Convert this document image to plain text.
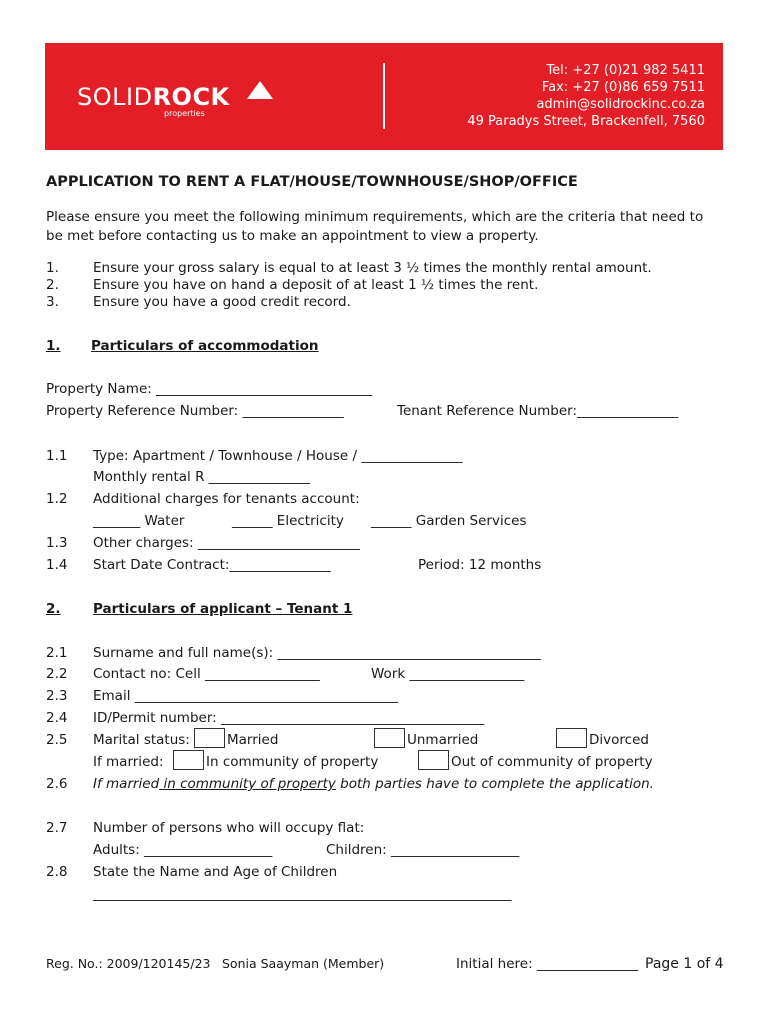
SOLIDROCK
properties
Tel: +27 (0)21 982 5411
Fax: +27 (0)86 659 7511
admin@solidrockinc.co.za
49 Paradys Street, Brackenfell, 7560
APPLICATION TO RENT A FLAT/HOUSE/TOWNHOUSE/SHOP/OFFICE
Please ensure you meet the following minimum requirements, which are the criteria that need to be met before contacting us to make an appointment to view a property.
1.	Ensure your gross salary is equal to at least 3 ½ times the monthly rental amount.
2.	Ensure you have on hand a deposit of at least 1 ½ times the rent.
3.	Ensure you have a good credit record.
1. Particulars of accommodation
Property Name: ________________________________
Property Reference Number: _______________	Tenant Reference Number:_______________
1.1 Type: Apartment / Townhouse / House / _______________
Monthly rental R _______________
1.2 Additional charges for tenants account:
_______ Water	______ Electricity ______ Garden Services
1.3 Other charges: ________________________
1.4 Start Date Contract:_______________	Period: 12 months
2. Particulars of applicant – Tenant 1
2.1 Surname and full name(s): _______________________________________
2.2 Contact no: Cell _________________	Work _________________
2.3 Email _______________________________________
2.4 ID/Permit number: _______________________________________
2.5 Marital status:	Married	Unmarried	Divorced
If married:	In community of property	Out of community of property
2.6 If married in community of property both parties have to complete the application.
2.7 Number of persons who will occupy flat:
Adults: ___________________	Children: ___________________
2.8 State the Name and Age of Children
______________________________________________________________
Reg. No.: 2009/120145/23 Sonia Saayman (Member)	Initial here: _______________ Page 1 of 4
